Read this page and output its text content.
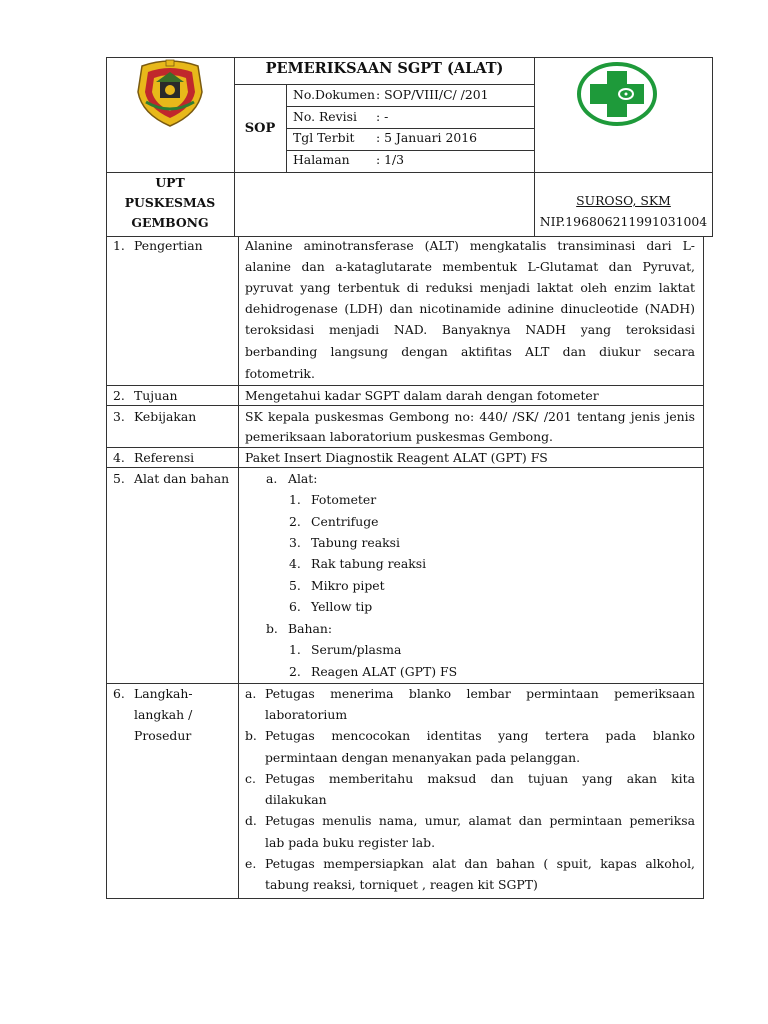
PEMERIKSAAN SGPT (ALAT)
SOP
No.Dokumen : SOP/VIII/C/ /201
No. Revisi : -
Tgl Terbit : 5 Januari 2016
Halaman : 1/3
UPT
PUSKESMAS
GEMBONG
SUROSO, SKM
NIP.196806211991031004
1. Pengertian	Alanine aminotransferase (ALT) mengkatalis transiminasi dari L-
alanine dan a-kataglutarate membentuk L-Glutamat dan Pyruvat,
pyruvat yang terbentuk di reduksi menjadi laktat oleh enzim laktat
dehidrogenase (LDH) dan nicotinamide adinine dinucleotide (NADH)
teroksidasi menjadi NAD. Banyaknya NADH yang teroksidasi
berbanding langsung dengan aktifitas ALT dan diukur secara
fotometrik.
2. Tujuan	Mengetahui kadar SGPT dalam darah dengan fotometer
3. Kebijakan	SK kepala puskesmas Gembong no: 440/ /SK/ /201 tentang jenis jenis
pemeriksaan laboratorium puskesmas Gembong.
4. Referensi	Paket Insert Diagnostik Reagent ALAT (GPT) FS
5. Alat dan bahan	a. Alat:
1. Fotometer
2. Centrifuge
3. Tabung reaksi
4. Rak tabung reaksi
5. Mikro pipet
6. Yellow tip
b. Bahan:
1. Serum/plasma
2. Reagen ALAT (GPT) FS
6. Langkah-
langkah /
Prosedur
a. Petugas menerima blanko lembar permintaan pemeriksaan
laboratorium
b. Petugas mencocokan identitas yang tertera pada blanko
permintaan dengan menanyakan pada pelanggan.
c. Petugas memberitahu maksud dan tujuan yang akan kita
dilakukan
d. Petugas menulis nama, umur, alamat dan permintaan pemeriksa
lab pada buku register lab.
e. Petugas mempersiapkan alat dan bahan ( spuit, kapas alkohol,
tabung reaksi, torniquet , reagen kit SGPT)
